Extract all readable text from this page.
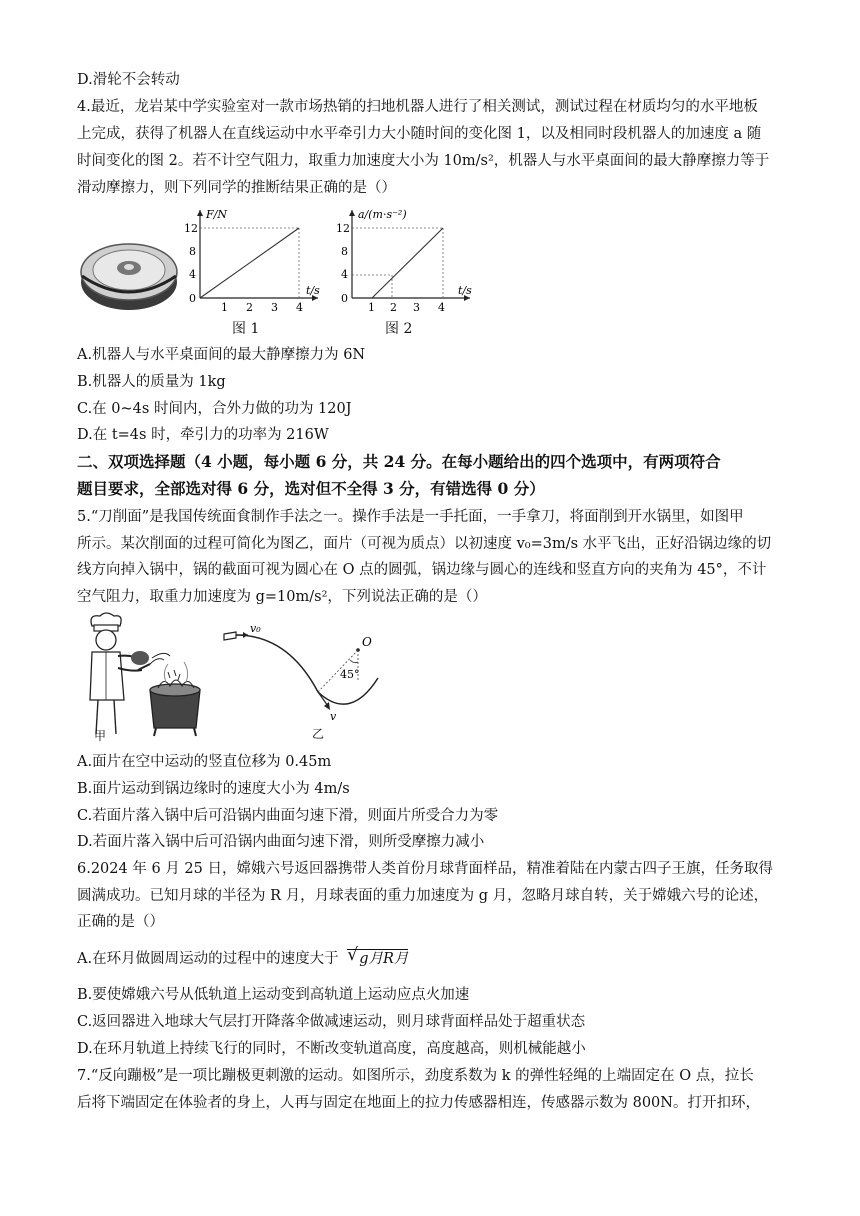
D.滑轮不会转动
4.最近，龙岩某中学实验室对一款市场热销的扫地机器人进行了相关测试，测试过程在材质均匀的水平地板
上完成，获得了机器人在直线运动中水平牵引力大小随时间的变化图 1，以及相同时段机器人的加速度 a 随
时间变化的图 2。若不计空气阻力，取重力加速度大小为 10m/s²，机器人与水平桌面间的最大静摩擦力等于
滑动摩擦力，则下列同学的推断结果正确的是（）
F/N
12
8
4
0
1 2 3 4
t/s
图 1
a/(m·s⁻²)
12
8
4
0
1 2 3 4
t/s
图 2
A.机器人与水平桌面间的最大静摩擦力为 6N
B.机器人的质量为 1kg
C.在 0~4s 时间内，合外力做的功为 120J
D.在 t=4s 时，牵引力的功率为 216W
二、双项选择题（4 小题，每小题 6 分，共 24 分。在每小题给出的四个选项中，有两项符合
题目要求，全部选对得 6 分，选对但不全得 3 分，有错选得 0 分）
5.“刀削面”是我国传统面食制作手法之一。操作手法是一手托面，一手拿刀，将面削到开水锅里，如图甲
所示。某次削面的过程可简化为图乙，面片（可视为质点）以初速度 v₀=3m/s 水平飞出，正好沿锅边缘的切
线方向掉入锅中，锅的截面可视为圆心在 O 点的圆弧，锅边缘与圆心的连线和竖直方向的夹角为 45°，不计
空气阻力，取重力加速度为 g=10m/s²，下列说法正确的是（）
甲
v₀
O
45°
v
乙
A.面片在空中运动的竖直位移为 0.45m
B.面片运动到锅边缘时的速度大小为 4m/s
C.若面片落入锅中后可沿锅内曲面匀速下滑，则面片所受合力为零
D.若面片落入锅中后可沿锅内曲面匀速下滑，则所受摩擦力减小
6.2024 年 6 月 25 日，嫦娥六号返回器携带人类首份月球背面样品，精准着陆在内蒙古四子王旗，任务取得
圆满成功。已知月球的半径为 R 月，月球表面的重力加速度为 g 月，忽略月球自转，关于嫦娥六号的论述，
正确的是（）
A.在环月做圆周运动的过程中的速度大于 √ g月R月
B.要使嫦娥六号从低轨道上运动变到高轨道上运动应点火加速
C.返回器进入地球大气层打开降落伞做减速运动，则月球背面样品处于超重状态
D.在环月轨道上持续飞行的同时，不断改变轨道高度，高度越高，则机械能越小
7.“反向蹦极”是一项比蹦极更刺激的运动。如图所示，劲度系数为 k 的弹性轻绳的上端固定在 O 点，拉长
后将下端固定在体验者的身上，人再与固定在地面上的拉力传感器相连，传感器示数为 800N。打开扣环，
